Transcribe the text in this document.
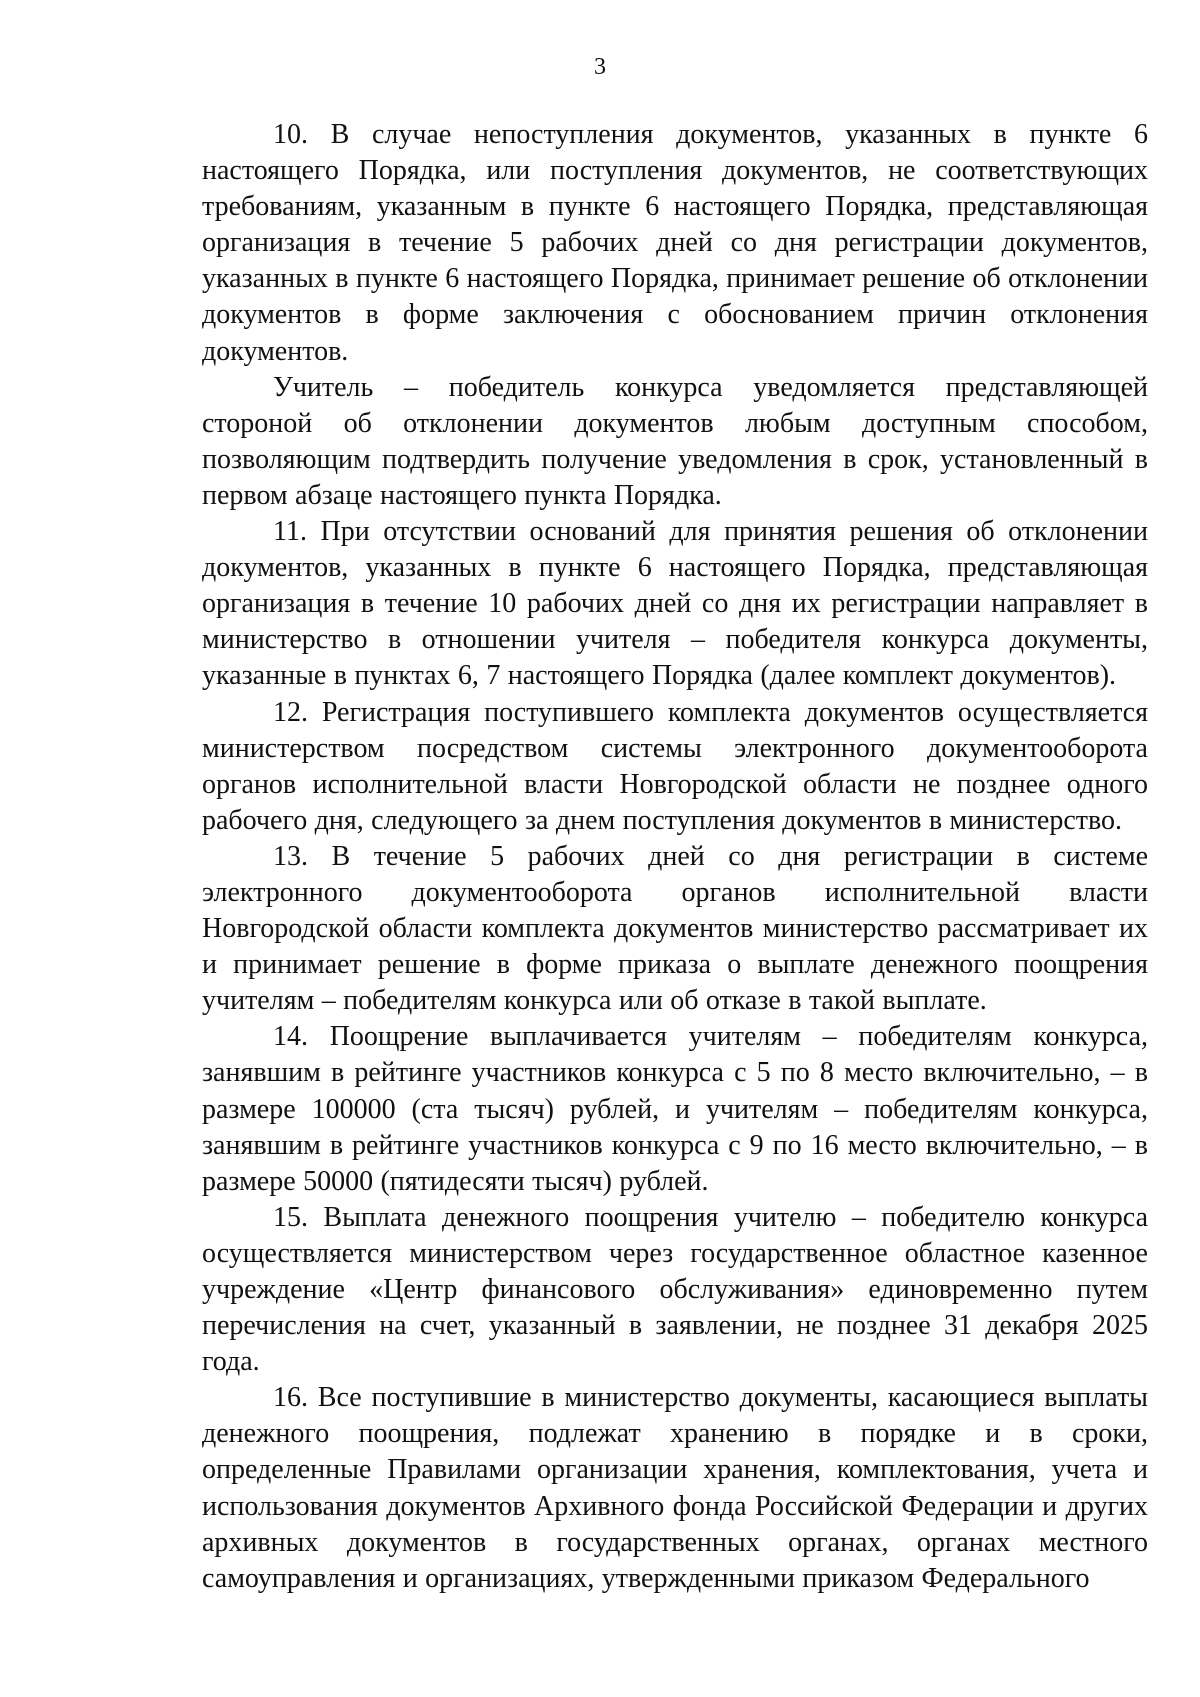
3

10. В случае непоступления документов, указанных в пункте 6 настоящего Порядка, или поступления документов, не соответствующих требованиям, указанным в пункте 6 настоящего Порядка, представляющая организация в течение 5 рабочих дней со дня регистрации документов, указанных в пункте 6 настоящего Порядка, принимает решение об отклонении документов в форме заключения с обоснованием причин отклонения документов.

Учитель – победитель конкурса уведомляется представляющей стороной об отклонении документов любым доступным способом, позволяющим подтвердить получение уведомления в срок, установленный в первом абзаце настоящего пункта Порядка.

11. При отсутствии оснований для принятия решения об отклонении документов, указанных в пункте 6 настоящего Порядка, представляющая организация в течение 10 рабочих дней со дня их регистрации направляет в министерство в отношении учителя – победителя конкурса документы, указанные в пунктах 6, 7 настоящего Порядка (далее комплект документов).

12. Регистрация поступившего комплекта документов осуществляется министерством посредством системы электронного документооборота органов исполнительной власти Новгородской области не позднее одного рабочего дня, следующего за днем поступления документов в министерство.

13. В течение 5 рабочих дней со дня регистрации в системе электронного документооборота органов исполнительной власти Новгородской области комплекта документов министерство рассматривает их и принимает решение в форме приказа о выплате денежного поощрения учителям – победителям конкурса или об отказе в такой выплате.

14. Поощрение выплачивается учителям – победителям конкурса, занявшим в рейтинге участников конкурса с 5 по 8 место включительно, – в размере 100000 (ста тысяч) рублей, и учителям – победителям конкурса, занявшим в рейтинге участников конкурса с 9 по 16 место включительно, – в размере 50000 (пятидесяти тысяч) рублей.

15. Выплата денежного поощрения учителю – победителю конкурса осуществляется министерством через государственное областное казенное учреждение «Центр финансового обслуживания» единовременно путем перечисления на счет, указанный в заявлении, не позднее 31 декабря 2025 года.

16. Все поступившие в министерство документы, касающиеся выплаты денежного поощрения, подлежат хранению в порядке и в сроки, определенные Правилами организации хранения, комплектования, учета и использования документов Архивного фонда Российской Федерации и других архивных документов в государственных органах, органах местного самоуправления и организациях, утвержденными приказом Федерального
